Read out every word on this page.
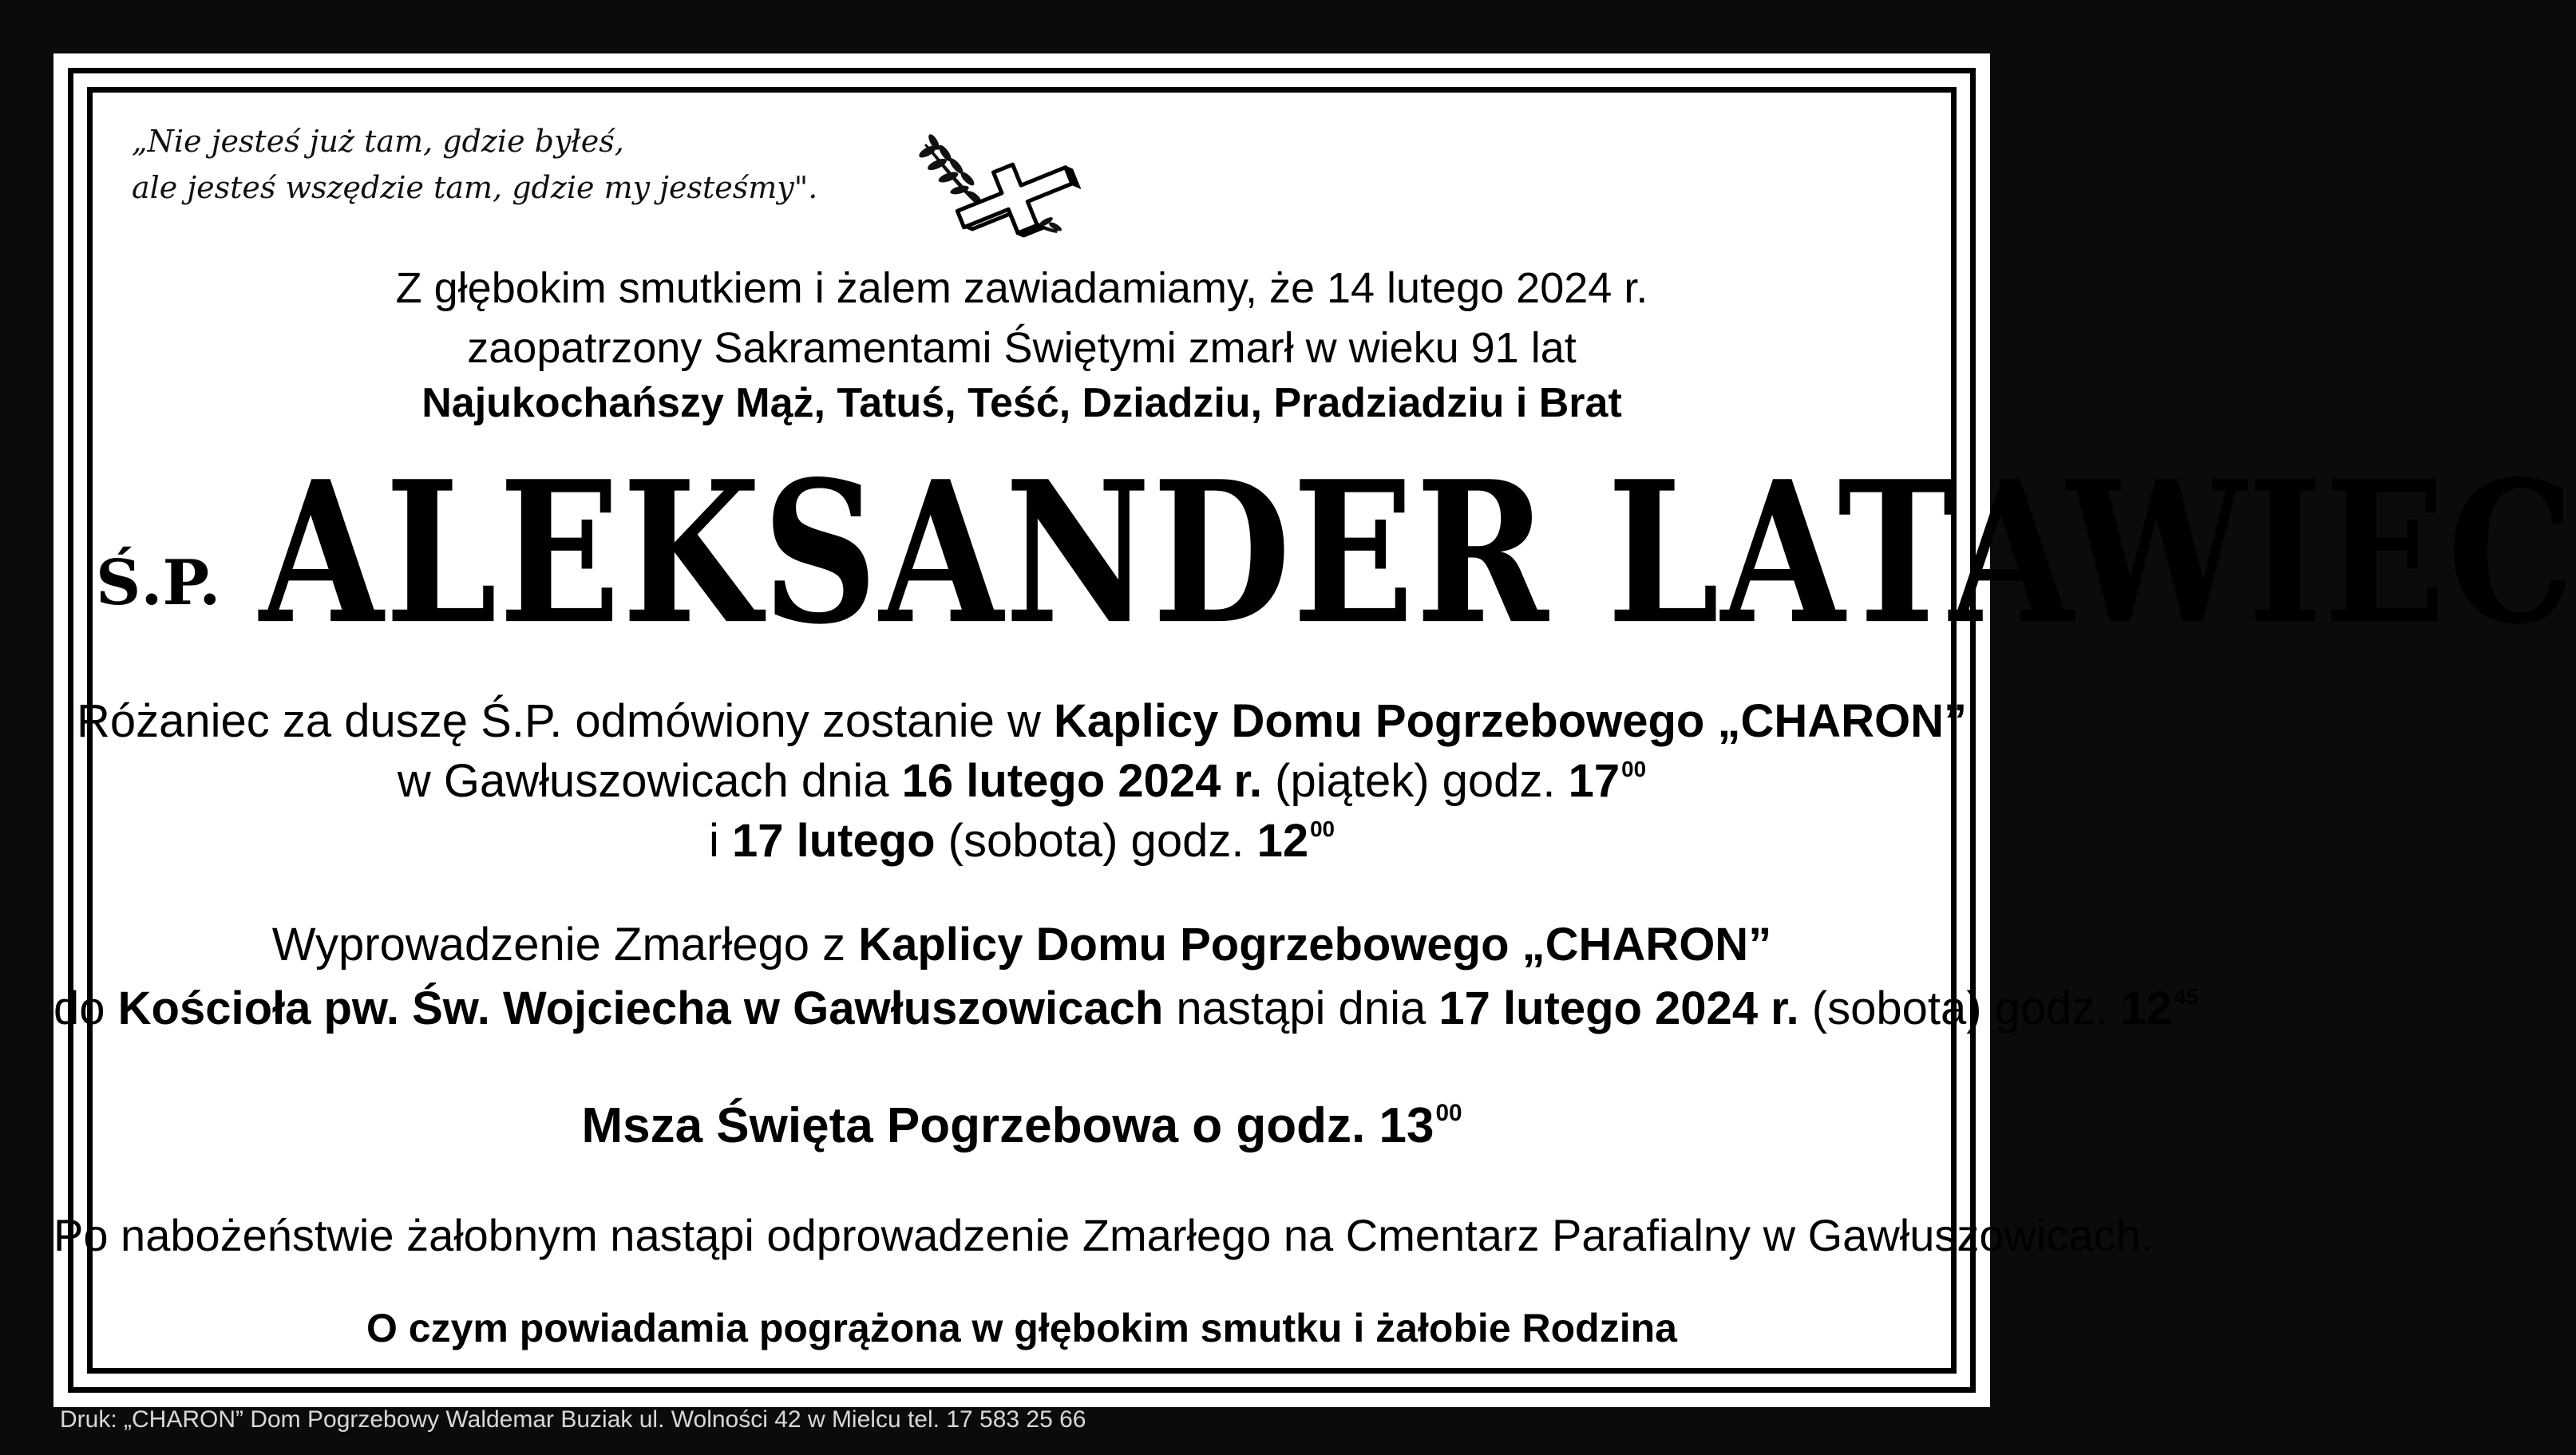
„Nie jesteś już tam, gdzie byłeś,
ale jesteś wszędzie tam, gdzie my jesteśmy".
Z głębokim smutkiem i żalem zawiadamiamy, że 14 lutego 2024 r.
zaopatrzony Sakramentami Świętymi zmarł w wieku 91 lat
Najukochańszy Mąż, Tatuś, Teść, Dziadziu, Pradziadziu i Brat
Ś.P. ALEKSANDER LATAWIEC
Różaniec za duszę Ś.P. odmówiony zostanie w Kaplicy Domu Pogrzebowego „CHARON”
w Gawłuszowicach dnia 16 lutego 2024 r. (piątek) godz. $17^{00}$
i 17 lutego (sobota) godz. $12^{00}$
Wyprowadzenie Zmarłego z Kaplicy Domu Pogrzebowego „CHARON”
do Kościoła pw. Św. Wojciecha w Gawłuszowicach nastąpi dnia 17 lutego 2024 r. (sobota) godz. $12^{45}$
Msza Święta Pogrzebowa o godz. $13^{00}$
Po nabożeństwie żałobnym nastąpi odprowadzenie Zmarłego na Cmentarz Parafialny w Gawłuszowicach.
O czym powiadamia pogrążona w głębokim smutku i żałobie Rodzina
Druk: „CHARON” Dom Pogrzebowy Waldemar Buziak ul. Wolności 42 w Mielcu tel. 17 583 25 66
